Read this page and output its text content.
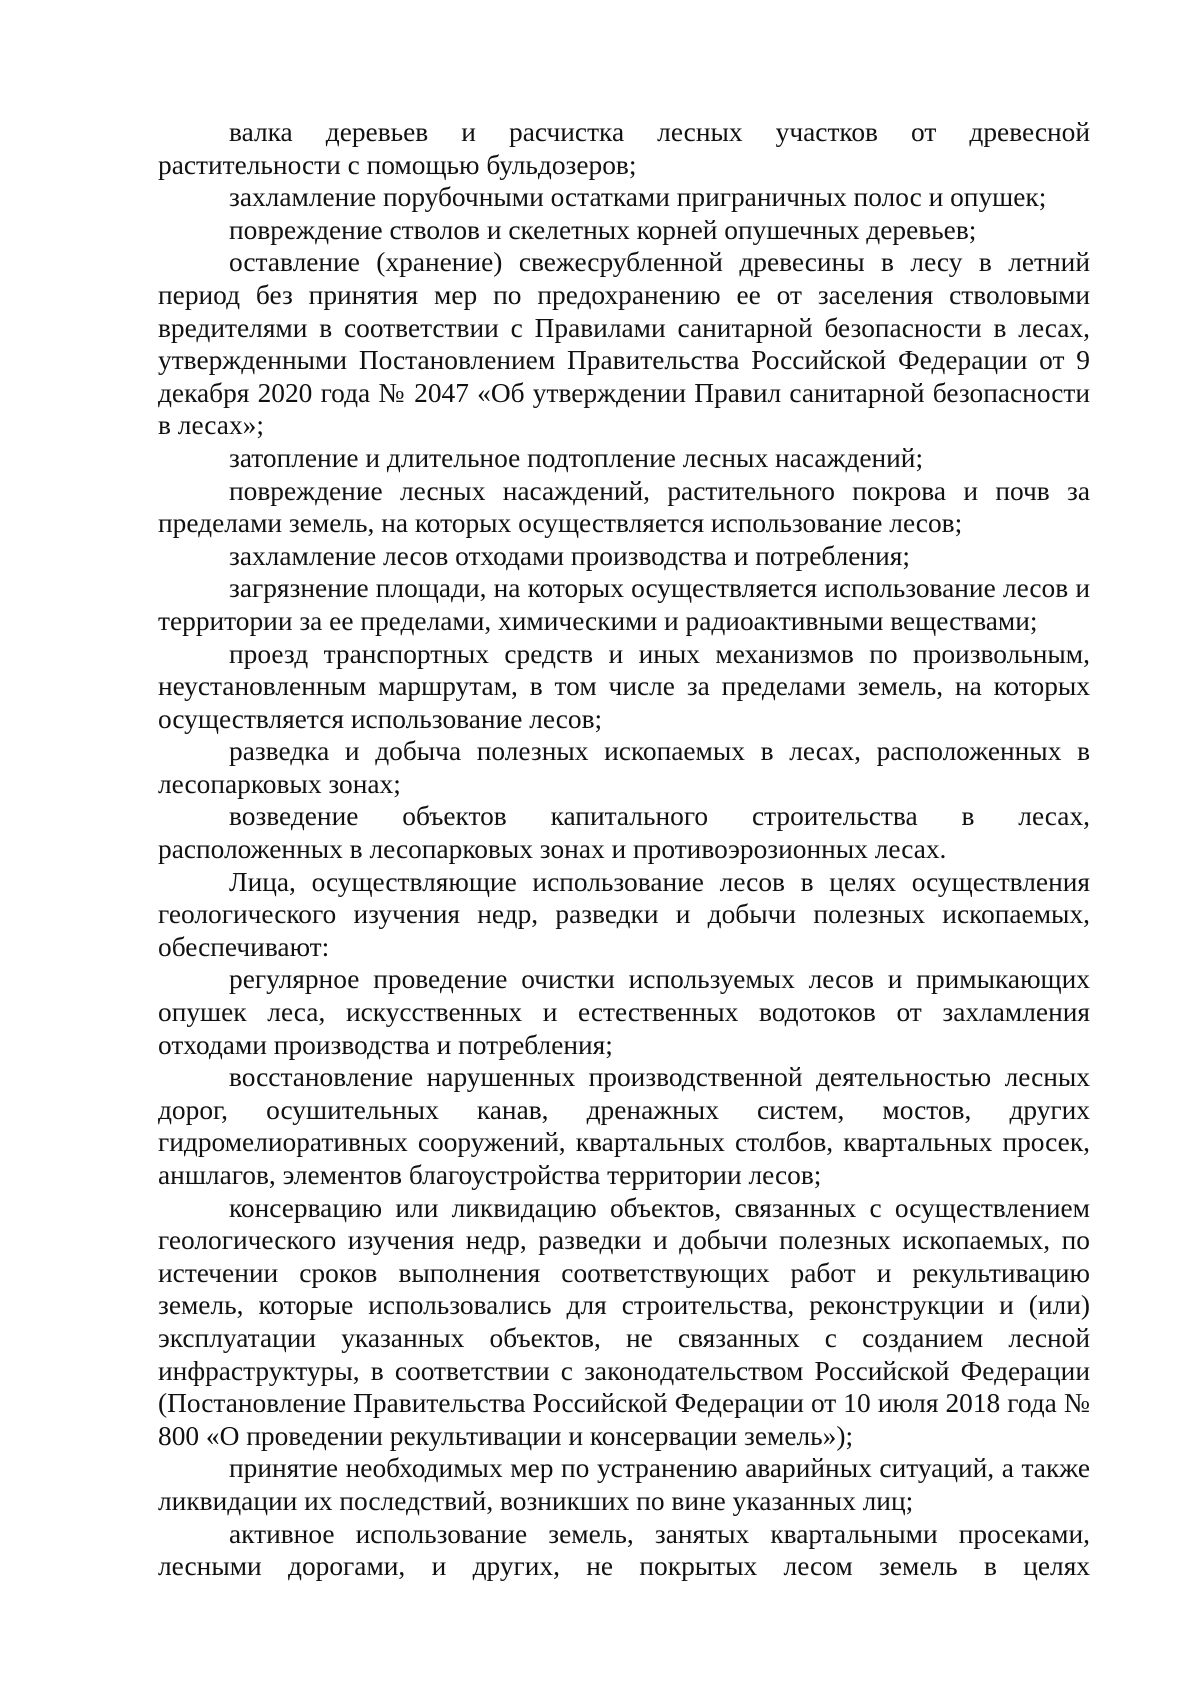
валка деревьев и расчистка лесных участков от древесной растительности с помощью бульдозеров;

захламление порубочными остатками приграничных полос и опушек;

повреждение стволов и скелетных корней опушечных деревьев;

оставление (хранение) свежесрубленной древесины в лесу в летний период без принятия мер по предохранению ее от заселения стволовыми вредителями в соответствии с Правилами санитарной безопасности в лесах, утвержденными Постановлением Правительства Российской Федерации от 9 декабря 2020 года № 2047 «Об утверждении Правил санитарной безопасности в лесах»;

затопление и длительное подтопление лесных насаждений;

повреждение лесных насаждений, растительного покрова и почв за пределами земель, на которых осуществляется использование лесов;

захламление лесов отходами производства и потребления;

загрязнение площади, на которых осуществляется использование лесов и территории за ее пределами, химическими и радиоактивными веществами;

проезд транспортных средств и иных механизмов по произвольным, неустановленным маршрутам, в том числе за пределами земель, на которых осуществляется использование лесов;

разведка и добыча полезных ископаемых в лесах, расположенных в лесопарковых зонах;

возведение объектов капитального строительства в лесах, расположенных в лесопарковых зонах и противоэрозионных лесах.

Лица, осуществляющие использование лесов в целях осуществления геологического изучения недр, разведки и добычи полезных ископаемых, обеспечивают:

регулярное проведение очистки используемых лесов и примыкающих опушек леса, искусственных и естественных водотоков от захламления отходами производства и потребления;

восстановление нарушенных производственной деятельностью лесных дорог, осушительных канав, дренажных систем, мостов, других гидромелиоративных сооружений, квартальных столбов, квартальных просек, аншлагов, элементов благоустройства территории лесов;

консервацию или ликвидацию объектов, связанных с осуществлением геологического изучения недр, разведки и добычи полезных ископаемых, по истечении сроков выполнения соответствующих работ и рекультивацию земель, которые использовались для строительства, реконструкции и (или) эксплуатации указанных объектов, не связанных с созданием лесной инфраструктуры, в соответствии с законодательством Российской Федерации (Постановление Правительства Российской Федерации от 10 июля 2018 года № 800 «О проведении рекультивации и консервации земель»);

принятие необходимых мер по устранению аварийных ситуаций, а также ликвидации их последствий, возникших по вине указанных лиц;

активное использование земель, занятых квартальными просеками, лесными дорогами, и других, не покрытых лесом земель в целях
